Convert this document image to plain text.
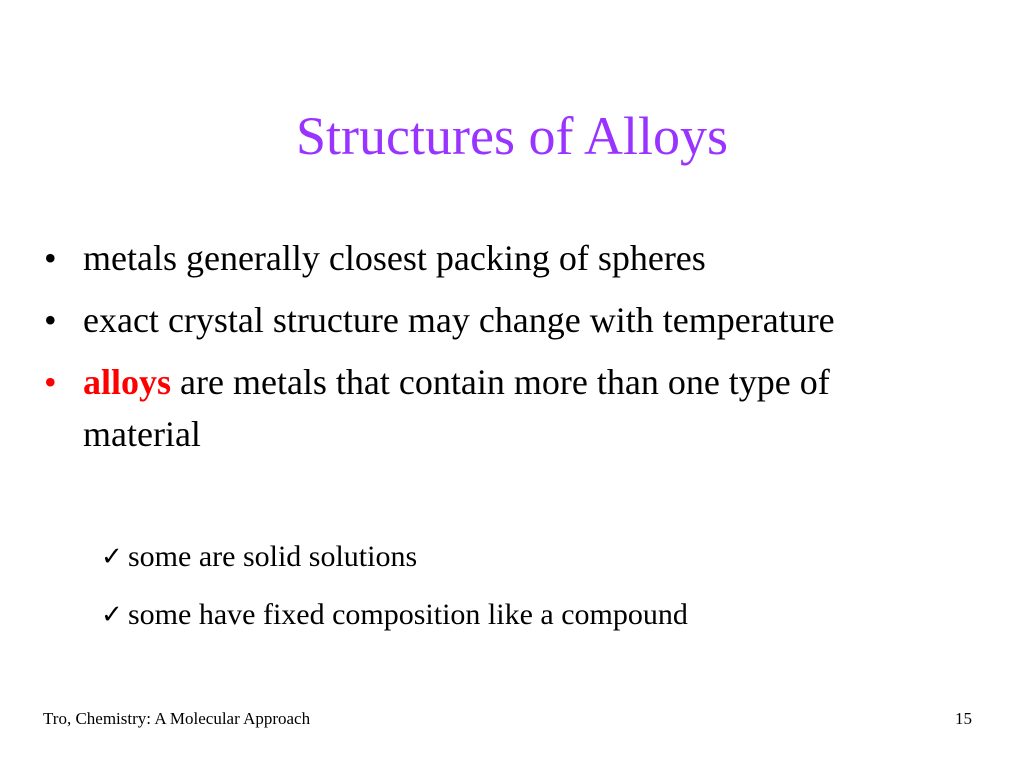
Structures of Alloys
• metals generally closest packing of spheres
• exact crystal structure may change with temperature
• alloys are metals that contain more than one type of material
✓ some are solid solutions
✓ some have fixed composition like a compound
Tro, Chemistry: A Molecular Approach	15
